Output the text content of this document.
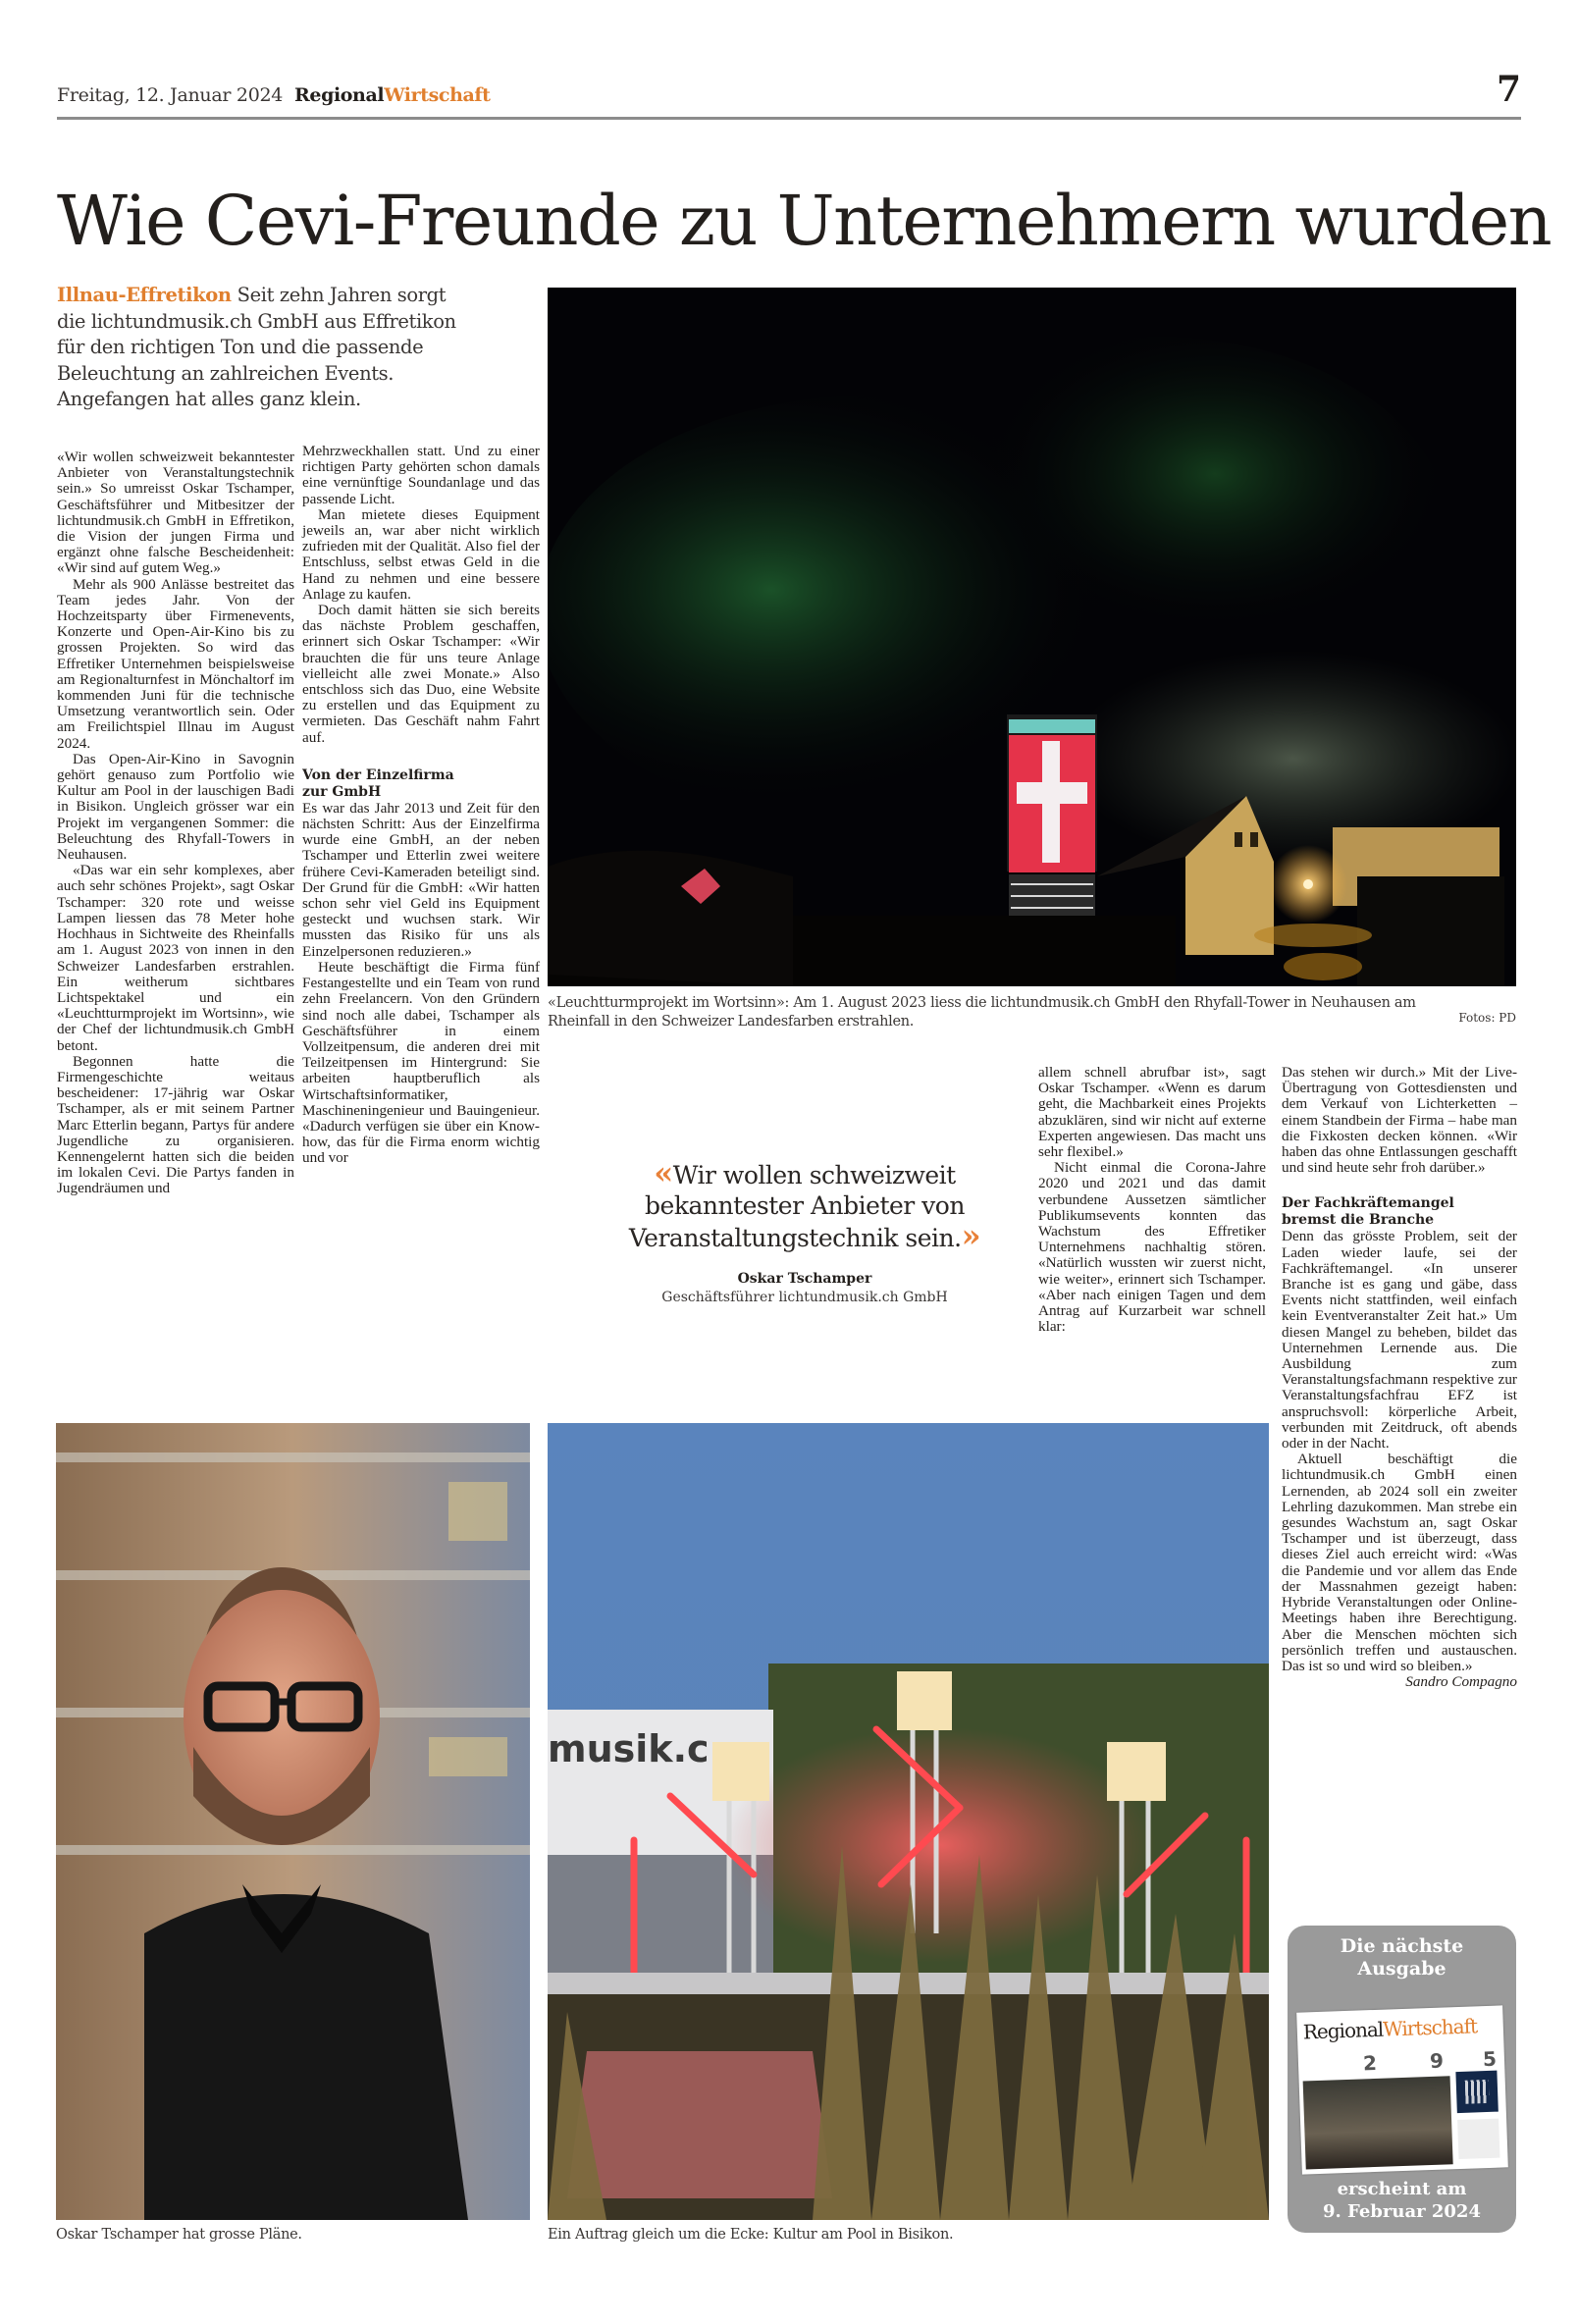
Freitag, 12. Januar 2024 RegionalWirtschaft	7
Wie Cevi-Freunde zu Unternehmern wurden
Illnau-Effretikon Seit zehn Jahren sorgt die lichtundmusik.ch GmbH aus Effretikon für den richtigen Ton und die passende Beleuchtung an zahlreichen Events. Angefangen hat alles ganz klein.
«Leuchtturmprojekt im Wortsinn»: Am 1. August 2023 liess die lichtundmusik.ch GmbH den Rhyfall-Tower in Neuhausen am Rheinfall in den Schweizer Landesfarben erstrahlen.	Fotos: PD

«Wir wollen schweizweit bekanntester Anbieter von Veranstaltungstechnik sein.» So umreisst Oskar Tschamper, Geschäftsführer und Mitbesitzer der lichtundmusik.ch GmbH in Effretikon, die Vision der jungen Firma und ergänzt ohne falsche Bescheidenheit: «Wir sind auf gutem Weg.»

Mehr als 900 Anlässe bestreitet das Team jedes Jahr. Von der Hochzeitsparty über Firmenevents, Konzerte und Open-Air-Kino bis zu grossen Projekten. So wird das Effretiker Unternehmen beispielsweise am Regionalturnfest in Mönchaltorf im kommenden Juni für die technische Umsetzung verantwortlich sein. Oder am Freilichtspiel Illnau im August 2024.

Das Open-Air-Kino in Savognin gehört genauso zum Portfolio wie Kultur am Pool in der lauschigen Badi in Bisikon. Ungleich grösser war ein Projekt im vergangenen Sommer: die Beleuchtung des Rhyfall-Towers in Neuhausen.

«Das war ein sehr komplexes, aber auch sehr schönes Projekt», sagt Oskar Tschamper: 320 rote und weisse Lampen liessen das 78 Meter hohe Hochhaus in Sichtweite des Rheinfalls am 1. August 2023 von innen in den Schweizer Landesfarben erstrahlen. Ein weitherum sichtbares Lichtspektakel und ein «Leuchtturmprojekt im Wortsinn», wie der Chef der lichtundmusik.ch GmbH betont.

Begonnen hatte die Firmengeschichte weitaus bescheidener: 17-jährig war Oskar Tschamper, als er mit seinem Partner Marc Etterlin begann, Partys für andere Jugendliche zu organisieren. Kennengelernt hatten sich die beiden im lokalen Cevi. Die Partys fanden in Jugendräumen und

Mehrzweckhallen statt. Und zu einer richtigen Party gehörten schon damals eine vernünftige Soundanlage und das passende Licht.

Man mietete dieses Equipment jeweils an, war aber nicht wirklich zufrieden mit der Qualität. Also fiel der Entschluss, selbst etwas Geld in die Hand zu nehmen und eine bessere Anlage zu kaufen.

Doch damit hätten sie sich bereits das nächste Problem geschaffen, erinnert sich Oskar Tschamper: «Wir brauchten die für uns teure Anlage vielleicht alle zwei Monate.» Also entschloss sich das Duo, eine Website zu erstellen und das Equipment zu vermieten. Das Geschäft nahm Fahrt auf.

Von der Einzelfirma
zur GmbH

Es war das Jahr 2013 und Zeit für den nächsten Schritt: Aus der Einzelfirma wurde eine GmbH, an der neben Tschamper und Etterlin zwei weitere frühere Cevi-Kameraden beteiligt sind. Der Grund für die GmbH: «Wir hatten schon sehr viel Geld ins Equipment gesteckt und wuchsen stark. Wir mussten das Risiko für uns als Einzelpersonen reduzieren.»

Heute beschäftigt die Firma fünf Festangestellte und ein Team von rund zehn Freelancern. Von den Gründern sind noch alle dabei, Tschamper als Geschäftsführer in einem Vollzeitpensum, die anderen drei mit Teilzeitpensen im Hintergrund: Sie arbeiten hauptberuflich als Wirtschaftsinformatiker, Maschineningenieur und Bauingenieur. «Dadurch verfügen sie über ein Know-how, das für die Firma enorm wichtig und vor	«Wir wollen schweizweit bekanntester Anbieter von Veranstaltungstechnik sein.»
Oskar Tschamper
Geschäftsführer lichtundmusik.ch GmbH

allem schnell abrufbar ist», sagt Oskar Tschamper. «Wenn es darum geht, die Machbarkeit eines Projekts abzuklären, sind wir nicht auf externe Experten angewiesen. Das macht uns sehr flexibel.»

Nicht einmal die Corona-Jahre 2020 und 2021 und das damit verbundene Aussetzen sämtlicher Publikumsevents konnten das Wachstum des Effretiker Unternehmens nachhaltig stören. «Natürlich wussten wir zuerst nicht, wie weiter», erinnert sich Tschamper. «Aber nach einigen Tagen und dem Antrag auf Kurzarbeit war schnell klar:

Das stehen wir durch.» Mit der Live-Übertragung von Gottesdiensten und dem Verkauf von Lichterketten – einem Standbein der Firma – habe man die Fixkosten decken können. «Wir haben das ohne Entlassungen geschafft und sind heute sehr froh darüber.»

Der Fachkräftemangel
bremst die Branche

Denn das grösste Problem, seit der Laden wieder laufe, sei der Fachkräftemangel. «In unserer Branche ist es gang und gäbe, dass Events nicht stattfinden, weil einfach kein Eventveranstalter Zeit hat.» Um diesen Mangel zu beheben, bildet das Unternehmen Lernende aus. Die Ausbildung zum Veranstaltungsfachmann respektive zur Veranstaltungsfachfrau EFZ ist anspruchsvoll: körperliche Arbeit, verbunden mit Zeitdruck, oft abends oder in der Nacht.

Aktuell beschäftigt die lichtundmusik.ch GmbH einen Lernenden, ab 2024 soll ein zweiter Lehrling dazukommen. Man strebe ein gesundes Wachstum an, sagt Oskar Tschamper und ist überzeugt, dass dieses Ziel auch erreicht wird: «Was die Pandemie und vor allem das Ende der Massnahmen gezeigt haben: Hybride Veranstaltungen oder Online-Meetings haben ihre Berechtigung. Aber die Menschen möchten sich persönlich treffen und austauschen. Das ist so und wird so bleiben.»

Sandro Compagno
Oskar Tschamper hat grosse Pläne.
musik.c
Ein Auftrag gleich um die Ecke: Kultur am Pool in Bisikon.
Die nächste
Ausgabe
RegionalWirtschaft
2	9 5
erscheint am
9. Februar 2024
